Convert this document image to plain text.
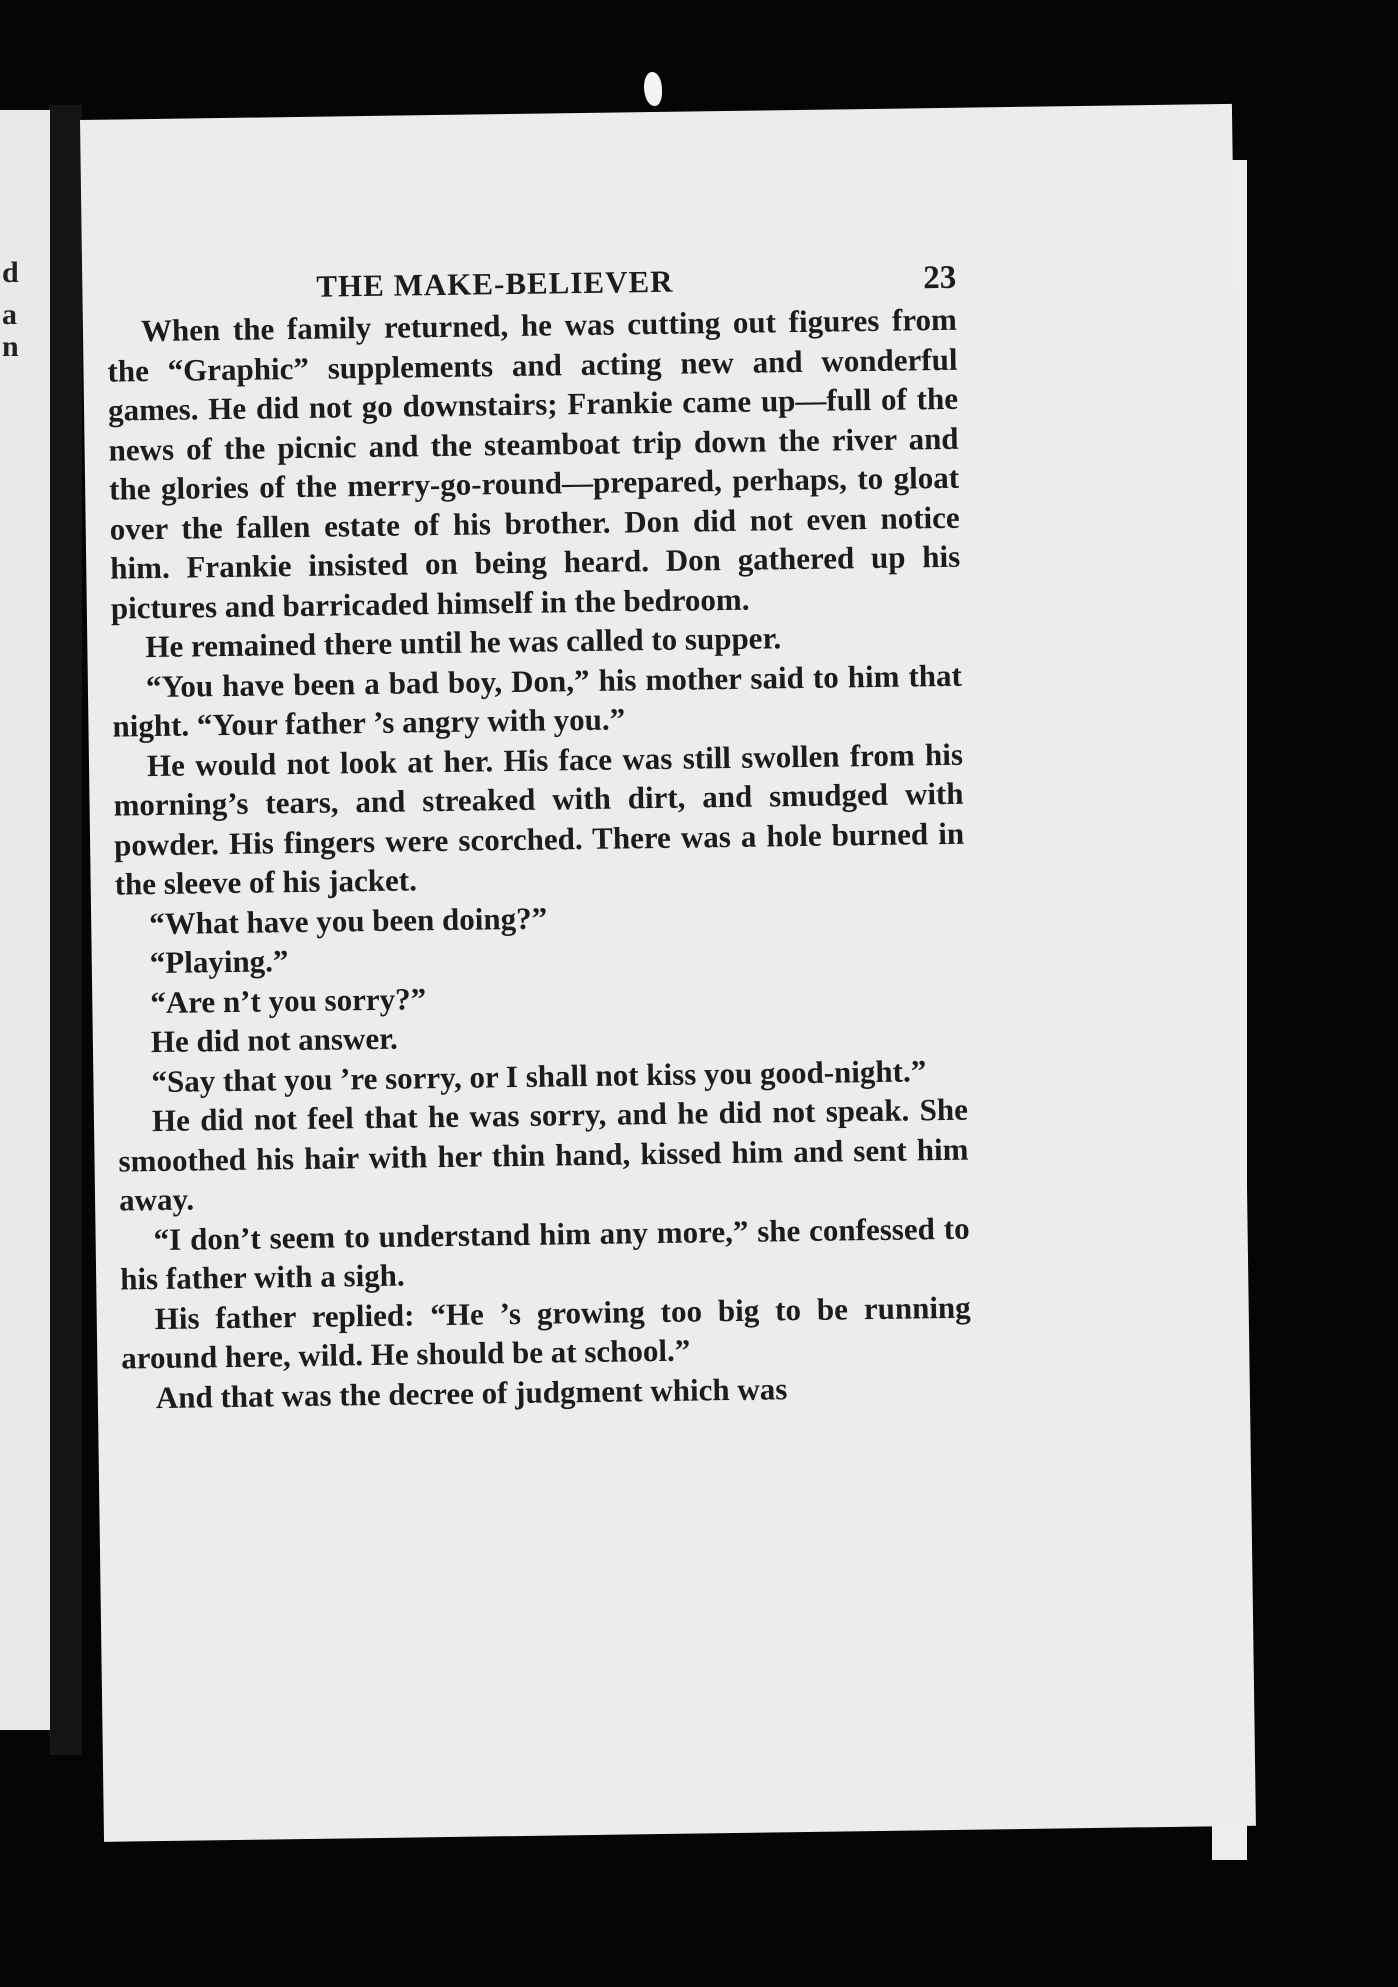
d
a
n
THE MAKE-BELIEVER	23

When the family returned, he was cutting out figures from the “Graphic” supplements and acting new and wonderful games. He did not go downstairs; Frankie came up—full of the news of the picnic and the steamboat trip down the river and the glories of the merry-go-round—prepared, perhaps, to gloat over the fallen estate of his brother. Don did not even notice him. Frankie insisted on being heard. Don gathered up his pictures and barricaded himself in the bedroom.

He remained there until he was called to supper.

“You have been a bad boy, Don,” his mother said to him that night. “Your father ’s angry with you.”

He would not look at her. His face was still swollen from his morning’s tears, and streaked with dirt, and smudged with powder. His fingers were scorched. There was a hole burned in the sleeve of his jacket.

“What have you been doing?”

“Playing.”

“Are n’t you sorry?”

He did not answer.

“Say that you ’re sorry, or I shall not kiss you good-night.”

He did not feel that he was sorry, and he did not speak. She smoothed his hair with her thin hand, kissed him and sent him away.

“I don’t seem to understand him any more,” she confessed to his father with a sigh.

His father replied: “He ’s growing too big to be running around here, wild. He should be at school.”

And that was the decree of judgment which was
